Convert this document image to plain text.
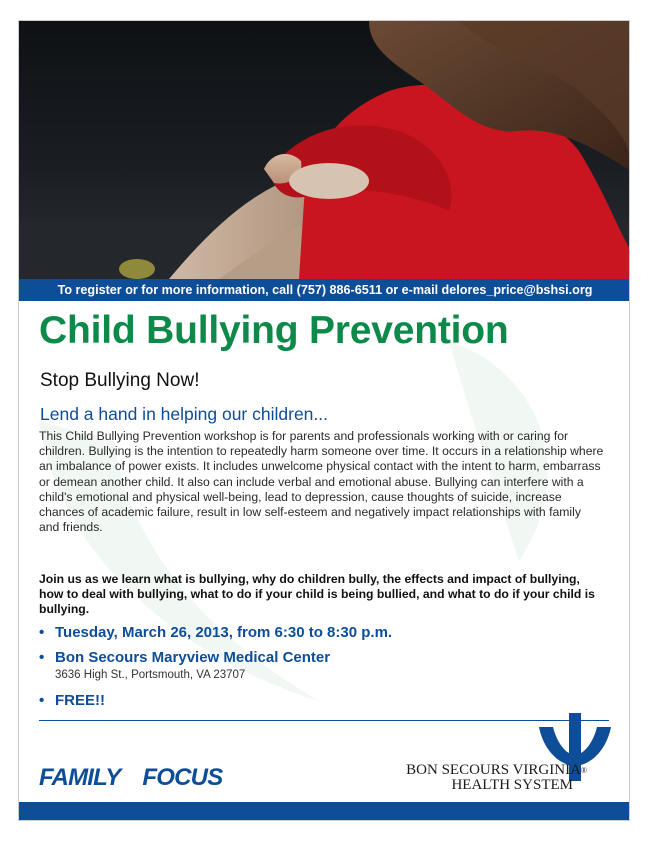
To register or for more information, call (757) 886-6511 or e-mail delores_price@bshsi.org
Child Bullying Prevention
Stop Bullying Now!
Lend a hand in helping our children...

This Child Bullying Prevention workshop is for parents and professionals working with or caring for children. Bullying is the intention to repeatedly harm someone over time. It occurs in a relationship where an imbalance of power exists. It includes unwelcome physical contact with the intent to harm, embarrass or demean another child. It also can include verbal and emotional abuse. Bullying can interfere with a child's emotional and physical well-being, lead to depression, cause thoughts of suicide, increase chances of academic failure, result in low self-esteem and negatively impact relationships with family and friends.

Join us as we learn what is bullying, why do children bully, the effects and impact of bullying, how to deal with bullying, what to do if your child is being bullied, and what to do if your child is bullying.

• Tuesday, March 26, 2013, from 6:30 to 8:30 p.m.
• Bon Secours Maryview Medical Center
3636 High St., Portsmouth, VA 23707
• FREE!!
FAMILY FOCUS	BON SECOURS VIRGINIA®
HEALTH SYSTEM
